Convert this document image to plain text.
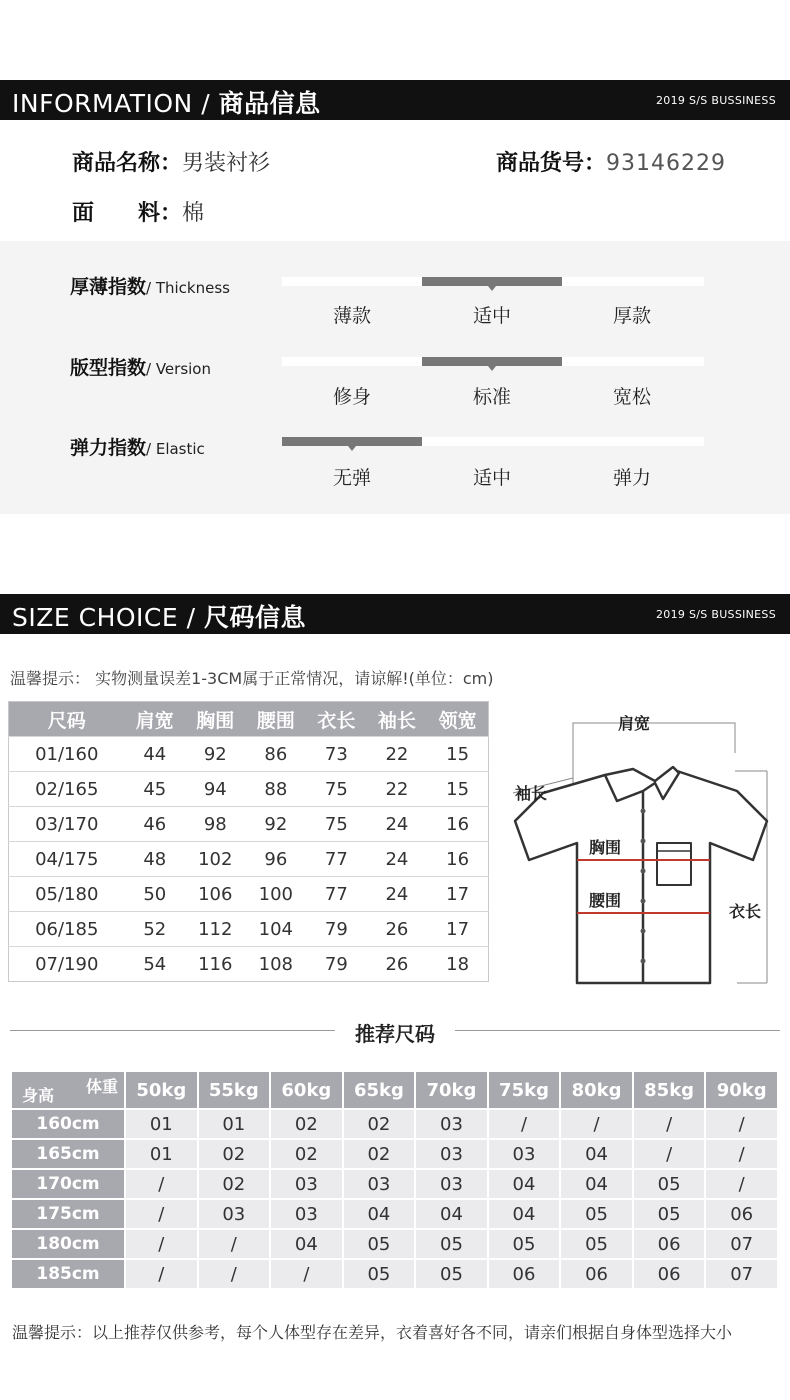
INFORMATION / 商品信息	2019 S/S BUSSINESS
商品名称：男装衬衫	商品货号：93146229
面　　料：棉
厚薄指数/ Thickness
薄款	适中	厚款
版型指数/ Version
修身	标准	宽松
弹力指数/ Elastic
无弹	适中	弹力
SIZE CHOICE / 尺码信息	2019 S/S BUSSINESS
温馨提示： 实物测量误差1-3CM属于正常情况，请谅解!(单位：cm)
尺码	肩宽	胸围	腰围	衣长	袖长	领宽
01/160	44	92	86	73	22	15
02/165	45	94	88	75	22	15
03/170	46	98	92	75	24	16
04/175	48	102	96	77	24	16
05/180	50	106	100	77	24	17
06/185	52	112	104	79	26	17
07/190	54	116	108	79	26	18
肩宽
袖长
胸围
腰围
衣长
推荐尺码
体重
身高	50kg	55kg	60kg	65kg	70kg	75kg	80kg	85kg	90kg
160cm	01	01	02	02	03	/	/	/	/
165cm	01	02	02	02	03	03	04	/	/
170cm	/	02	03	03	03	04	04	05	/
175cm	/	03	03	04	04	04	05	05	06
180cm	/	/	04	05	05	05	05	06	07
185cm	/	/	/	05	05	06	06	06	07
温馨提示：以上推荐仅供参考，每个人体型存在差异，衣着喜好各不同，请亲们根据自身体型选择大小
